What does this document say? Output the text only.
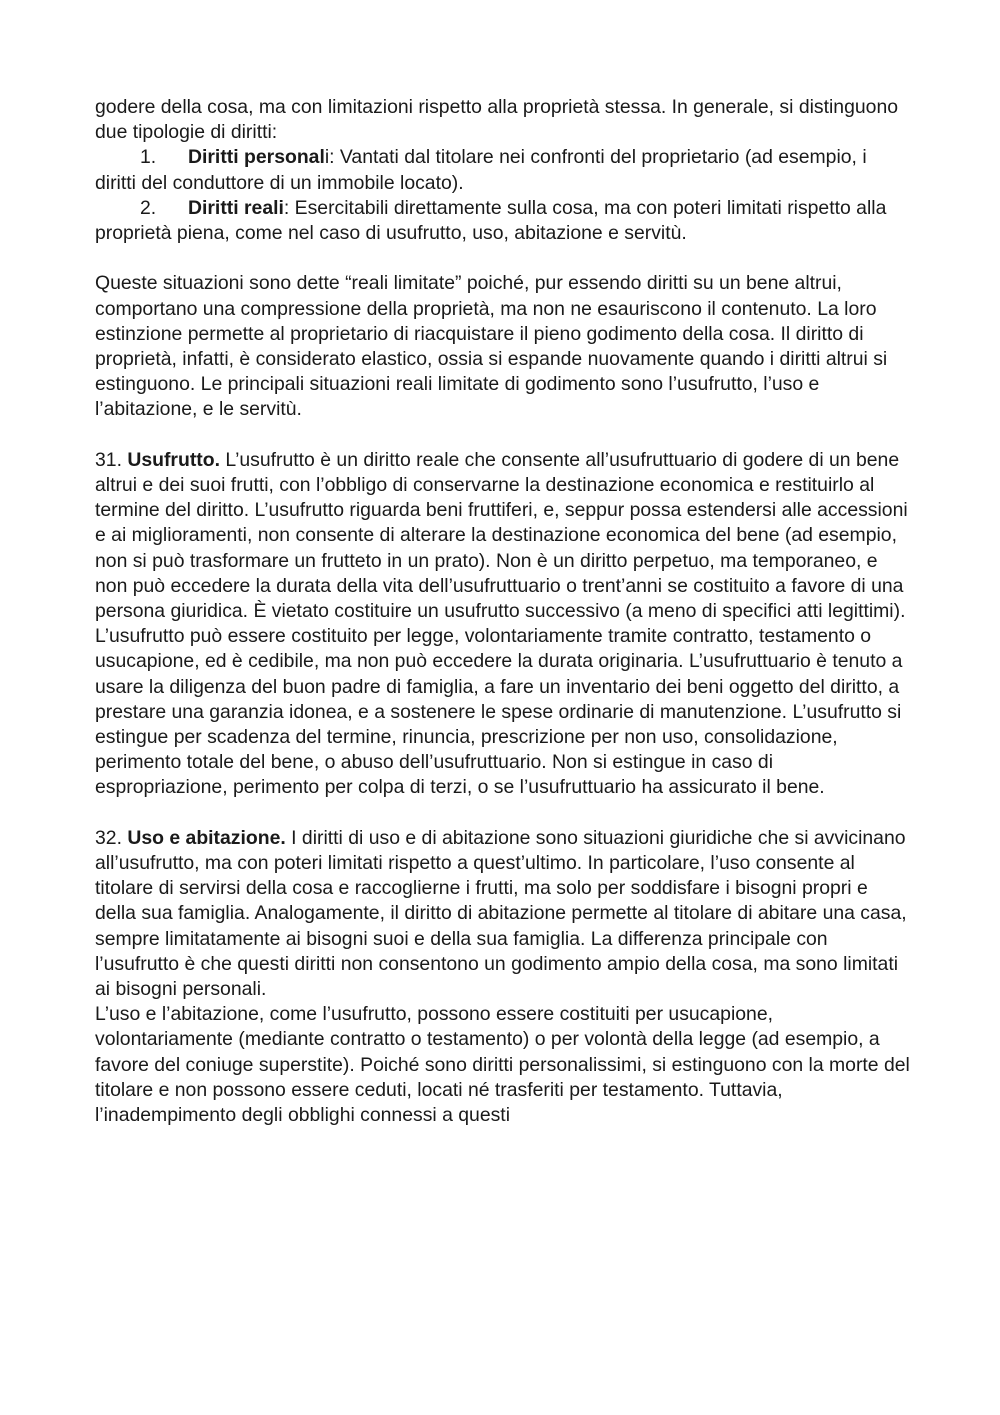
godere della cosa, ma con limitazioni rispetto alla proprietà stessa. In generale, si distinguono due tipologie di diritti:

1. Diritti personali: Vantati dal titolare nei confronti del proprietario (ad esempio, i diritti del conduttore di un immobile locato).

2. Diritti reali: Esercitabili direttamente sulla cosa, ma con poteri limitati rispetto alla proprietà piena, come nel caso di usufrutto, uso, abitazione e servitù.

Queste situazioni sono dette “reali limitate” poiché, pur essendo diritti su un bene altrui, comportano una compressione della proprietà, ma non ne esauriscono il contenuto. La loro estinzione permette al proprietario di riacquistare il pieno godimento della cosa. Il diritto di proprietà, infatti, è considerato elastico, ossia si espande nuovamente quando i diritti altrui si estinguono. Le principali situazioni reali limitate di godimento sono l’usufrutto, l’uso e l’abitazione, e le servitù.

31. Usufrutto. L’usufrutto è un diritto reale che consente all’usufruttuario di godere di un bene altrui e dei suoi frutti, con l’obbligo di conservarne la destinazione economica e restituirlo al termine del diritto. L’usufrutto riguarda beni fruttiferi, e, seppur possa estendersi alle accessioni e ai miglioramenti, non consente di alterare la destinazione economica del bene (ad esempio, non si può trasformare un frutteto in un prato). Non è un diritto perpetuo, ma temporaneo, e non può eccedere la durata della vita dell’usufruttuario o trent’anni se costituito a favore di una persona giuridica. È vietato costituire un usufrutto successivo (a meno di specifici atti legittimi).

L’usufrutto può essere costituito per legge, volontariamente tramite contratto, testamento o usucapione, ed è cedibile, ma non può eccedere la durata originaria. L’usufruttuario è tenuto a usare la diligenza del buon padre di famiglia, a fare un inventario dei beni oggetto del diritto, a prestare una garanzia idonea, e a sostenere le spese ordinarie di manutenzione. L’usufrutto si estingue per scadenza del termine, rinuncia, prescrizione per non uso, consolidazione, perimento totale del bene, o abuso dell’usufruttuario. Non si estingue in caso di espropriazione, perimento per colpa di terzi, o se l’usufruttuario ha assicurato il bene.

32. Uso e abitazione. I diritti di uso e di abitazione sono situazioni giuridiche che si avvicinano all’usufrutto, ma con poteri limitati rispetto a quest’ultimo. In particolare, l’uso consente al titolare di servirsi della cosa e raccoglierne i frutti, ma solo per soddisfare i bisogni propri e della sua famiglia. Analogamente, il diritto di abitazione permette al titolare di abitare una casa, sempre limitatamente ai bisogni suoi e della sua famiglia. La differenza principale con l’usufrutto è che questi diritti non consentono un godimento ampio della cosa, ma sono limitati ai bisogni personali.

L’uso e l’abitazione, come l’usufrutto, possono essere costituiti per usucapione, volontariamente (mediante contratto o testamento) o per volontà della legge (ad esempio, a favore del coniuge superstite). Poiché sono diritti personalissimi, si estinguono con la morte del titolare e non possono essere ceduti, locati né trasferiti per testamento. Tuttavia, l’inadempimento degli obblighi connessi a questi
